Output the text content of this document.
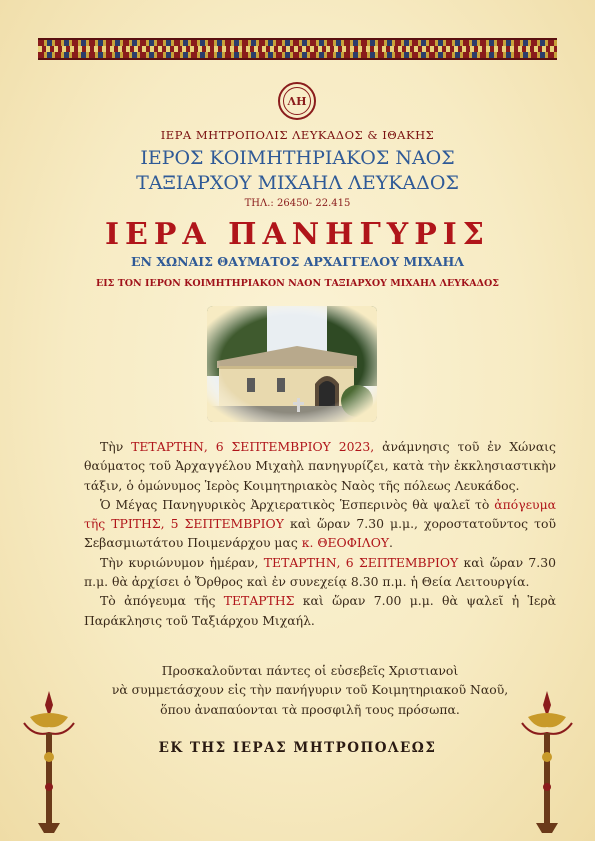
ΛΗ
ΙΕΡΑ ΜΗΤΡΟΠΟΛΙΣ ΛΕΥΚΑΔΟΣ & ΙΘΑΚΗΣ
ΙΕΡΟΣ ΚΟΙΜΗΤΗΡΙΑΚΟΣ ΝΑΟΣ
ΤΑΞΙΑΡΧΟΥ ΜΙΧΑΗΛ ΛΕΥΚΑΔΟΣ
ΤΗΛ.: 26450- 22.415
ΙΕΡΑ ΠΑΝΗΓΥΡΙΣ
ΕΝ ΧΩΝΑΙΣ ΘΑΥΜΑΤΟΣ ΑΡΧΑΓΓΕΛΟΥ ΜΙΧΑΗΛ
ΕΙΣ ΤΟΝ ΙΕΡΟΝ ΚΟΙΜΗΤΗΡΙΑΚΟΝ ΝΑΟΝ ΤΑΞΙΑΡΧΟΥ ΜΙΧΑΗΛ ΛΕΥΚΑΔΟΣ

Τὴν ΤΕΤΑΡΤΗΝ, 6 ΣΕΠΤΕΜΒΡΙΟΥ 2023, ἀνάμνησις τοῦ ἐν Χώναις θαύματος τοῦ Ἀρχαγγέλου Μιχαὴλ πανηγυρίζει, κατὰ τὴν ἐκκλησιαστικὴν τάξιν, ὁ ὁμώνυμος Ἱερὸς Κοιμητηριακὸς Ναὸς τῆς πόλεως Λευκάδος.

Ὁ Μέγας Πανηγυρικὸς Ἀρχιερατικὸς Ἑσπερινὸς θὰ ψαλεῖ τὸ ἀπόγευμα τῆς ΤΡΙΤΗΣ, 5 ΣΕΠΤΕΜΒΡΙΟΥ καὶ ὥραν 7.30 μ.μ., χοροστατοῦντος τοῦ Σεβασμιωτάτου Ποιμενάρχου μας κ. ΘΕΟΦΙΛΟΥ.

Τὴν κυριώνυμον ἡμέραν, ΤΕΤΑΡΤΗΝ, 6 ΣΕΠΤΕΜΒΡΙΟΥ καὶ ὥραν 7.30 π.μ. θὰ ἀρχίσει ὁ Ὄρθρος καὶ ἐν συνεχείᾳ 8.30 π.μ. ἡ Θεία Λειτουργία.

Τὸ ἀπόγευμα τῆς ΤΕΤΑΡΤΗΣ καὶ ὥραν 7.00 μ.μ. θὰ ψαλεῖ ἡ Ἱερὰ Παράκλησις τοῦ Ταξιάρχου Μιχαήλ.

Προσκαλοῦνται πάντες οἱ εὐσεβεῖς Χριστιανοὶ
νὰ συμμετάσχουν εἰς τὴν πανήγυριν τοῦ Κοιμητηριακοῦ Ναοῦ,
ὅπου ἀναπαύονται τὰ προσφιλῆ τους πρόσωπα.
ΕΚ ΤΗΣ ΙΕΡΑΣ ΜΗΤΡΟΠΟΛΕΩΣ
